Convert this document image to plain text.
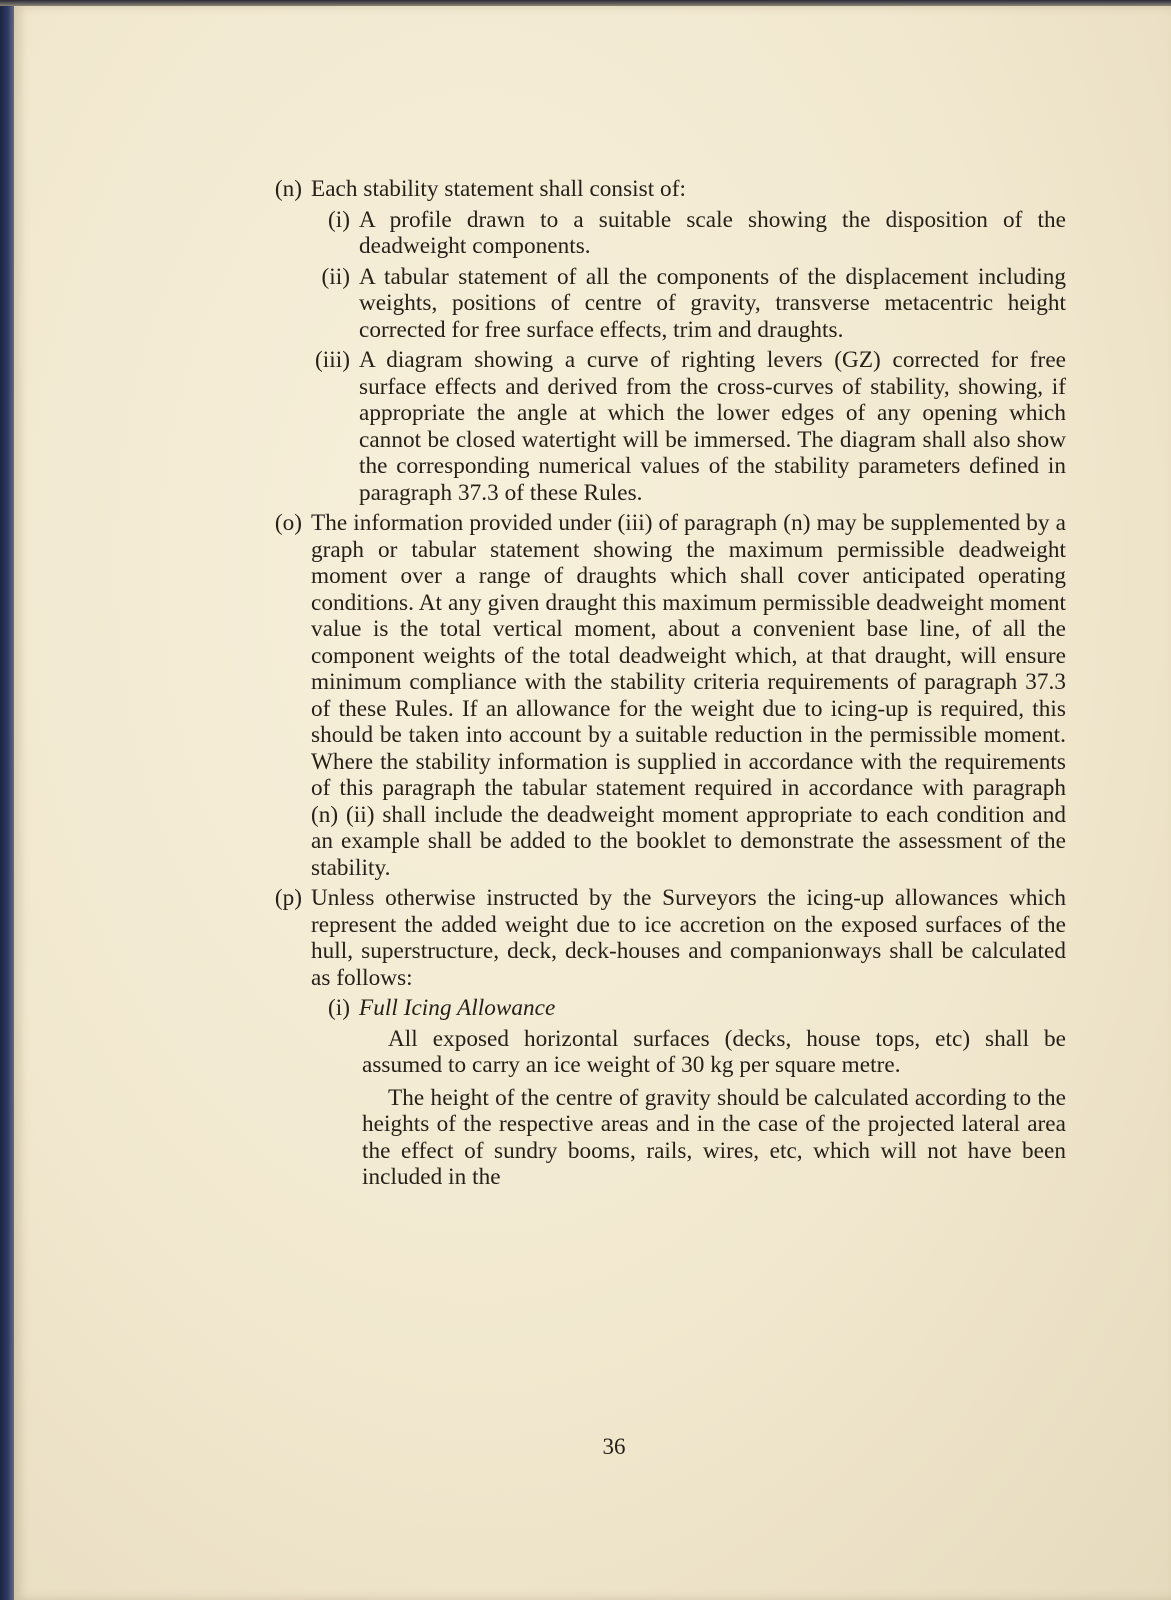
(n) Each stability statement shall consist of:
(i) A profile drawn to a suitable scale showing the disposition of the deadweight components.
(ii) A tabular statement of all the components of the displacement including weights, positions of centre of gravity, transverse metacentric height corrected for free surface effects, trim and draughts.
(iii) A diagram showing a curve of righting levers (GZ) corrected for free surface effects and derived from the cross-curves of stability, showing, if appropriate the angle at which the lower edges of any opening which cannot be closed watertight will be immersed. The diagram shall also show the corresponding numerical values of the stability parameters defined in paragraph 37.3 of these Rules.
(o) The information provided under (iii) of paragraph (n) may be supplemented by a graph or tabular statement showing the maximum permissible deadweight moment over a range of draughts which shall cover anticipated operating conditions. At any given draught this maximum permissible deadweight moment value is the total vertical moment, about a convenient base line, of all the component weights of the total deadweight which, at that draught, will ensure minimum compliance with the stability criteria requirements of paragraph 37.3 of these Rules. If an allowance for the weight due to icing-up is required, this should be taken into account by a suitable reduction in the permissible moment. Where the stability information is supplied in accordance with the requirements of this paragraph the tabular statement required in accordance with paragraph (n) (ii) shall include the deadweight moment appropriate to each condition and an example shall be added to the booklet to demonstrate the assessment of the stability.
(p) Unless otherwise instructed by the Surveyors the icing-up allowances which represent the added weight due to ice accretion on the exposed surfaces of the hull, superstructure, deck, deck-houses and companionways shall be calculated as follows:
(i) Full Icing Allowance
All exposed horizontal surfaces (decks, house tops, etc) shall be assumed to carry an ice weight of 30 kg per square metre.
The height of the centre of gravity should be calculated according to the heights of the respective areas and in the case of the projected lateral area the effect of sundry booms, rails, wires, etc, which will not have been included in the
36
